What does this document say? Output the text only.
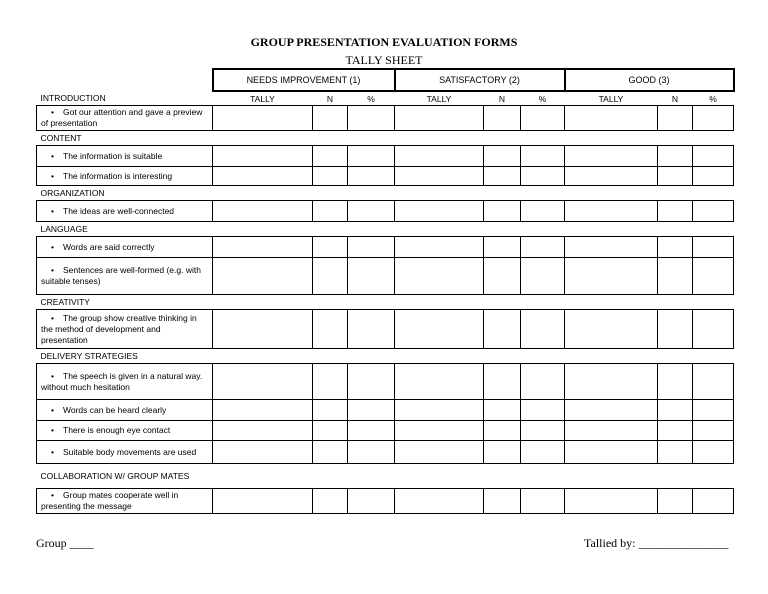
GROUP PRESENTATION EVALUATION FORMS
TALLY SHEET
	NEEDS IMPROVEMENT (1)			SATISFACTORY (2)			GOOD (3)		
INTRODUCTION	TALLY	N	%	TALLY	N	%	TALLY	N	%
• Got our attention and gave a preview of presentation									
CONTENT									
• The information is suitable									
• The information is interesting									
ORGANIZATION									
• The ideas are well-connected									
LANGUAGE									
• Words are said correctly									
• Sentences are well-formed (e.g. with suitable tenses)									
CREATIVITY									
• The group show creative thinking in the method of development and presentation									
DELIVERY STRATEGIES									
• The speech is given in a natural way. without much hesitation									
• Words can be heard clearly									
• There is enough eye contact									
• Suitable body movements are used									
COLLABORATION W/ GROUP MATES									
• Group mates cooperate well in presenting the message									
Group ____	Tallied by: _______________
